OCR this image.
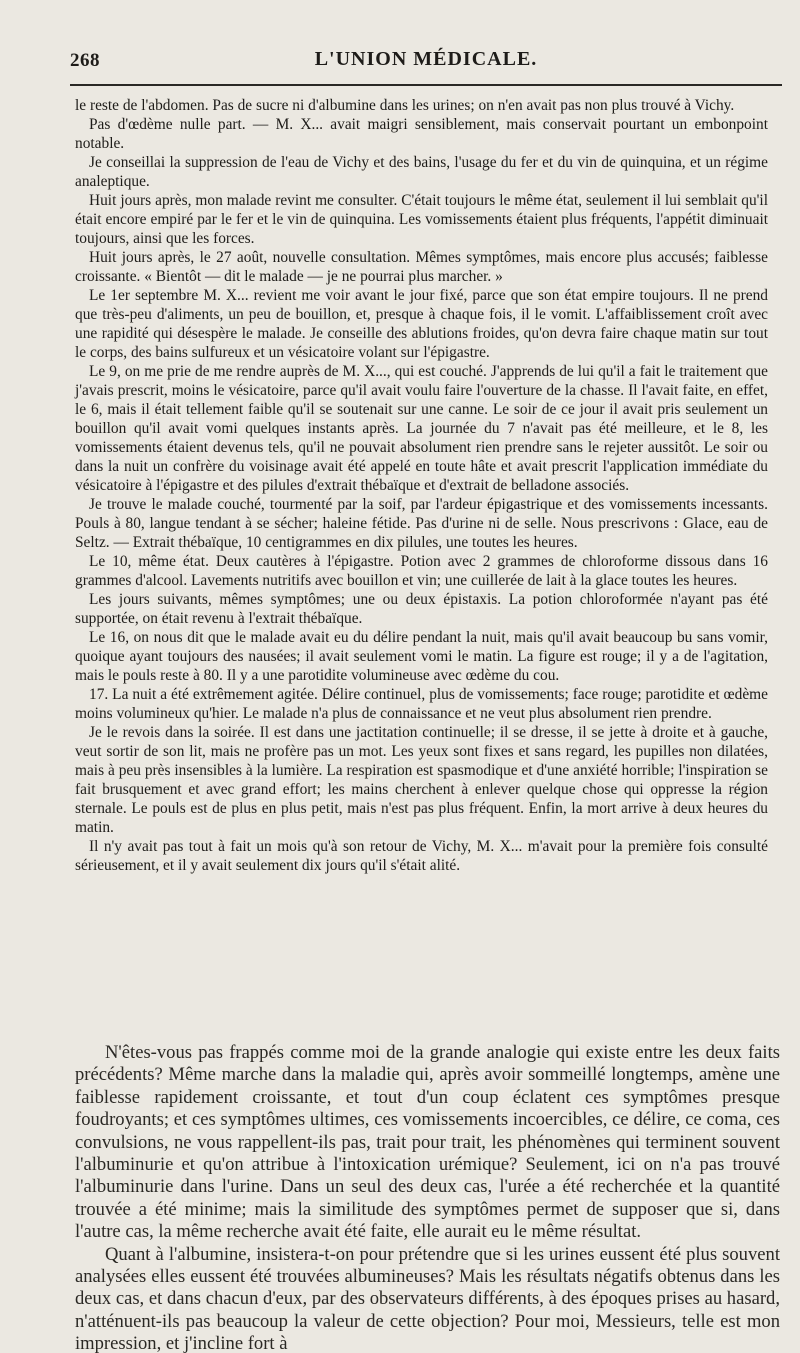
268	L'UNION MÉDICALE.

le reste de l'abdomen. Pas de sucre ni d'albumine dans les urines; on n'en avait pas non plus trouvé à Vichy.

Pas d'œdème nulle part. — M. X... avait maigri sensiblement, mais conservait pourtant un embonpoint notable.

Je conseillai la suppression de l'eau de Vichy et des bains, l'usage du fer et du vin de quinquina, et un régime analeptique.

Huit jours après, mon malade revint me consulter. C'était toujours le même état, seulement il lui semblait qu'il était encore empiré par le fer et le vin de quinquina. Les vomissements étaient plus fréquents, l'appétit diminuait toujours, ainsi que les forces.

Huit jours après, le 27 août, nouvelle consultation. Mêmes symptômes, mais encore plus accusés; faiblesse croissante. « Bientôt — dit le malade — je ne pourrai plus marcher. »

Le 1er septembre M. X... revient me voir avant le jour fixé, parce que son état empire toujours. Il ne prend que très-peu d'aliments, un peu de bouillon, et, presque à chaque fois, il le vomit. L'affaiblissement croît avec une rapidité qui désespère le malade. Je conseille des ablutions froides, qu'on devra faire chaque matin sur tout le corps, des bains sulfureux et un vésicatoire volant sur l'épigastre.

Le 9, on me prie de me rendre auprès de M. X..., qui est couché. J'apprends de lui qu'il a fait le traitement que j'avais prescrit, moins le vésicatoire, parce qu'il avait voulu faire l'ouverture de la chasse. Il l'avait faite, en effet, le 6, mais il était tellement faible qu'il se soutenait sur une canne. Le soir de ce jour il avait pris seulement un bouillon qu'il avait vomi quelques instants après. La journée du 7 n'avait pas été meilleure, et le 8, les vomissements étaient devenus tels, qu'il ne pouvait absolument rien prendre sans le rejeter aussitôt. Le soir ou dans la nuit un confrère du voisinage avait été appelé en toute hâte et avait prescrit l'application immédiate du vésicatoire à l'épigastre et des pilules d'extrait thébaïque et d'extrait de belladone associés.

Je trouve le malade couché, tourmenté par la soif, par l'ardeur épigastrique et des vomissements incessants. Pouls à 80, langue tendant à se sécher; haleine fétide. Pas d'urine ni de selle. Nous prescrivons : Glace, eau de Seltz. — Extrait thébaïque, 10 centigrammes en dix pilules, une toutes les heures.

Le 10, même état. Deux cautères à l'épigastre. Potion avec 2 grammes de chloroforme dissous dans 16 grammes d'alcool. Lavements nutritifs avec bouillon et vin; une cuillerée de lait à la glace toutes les heures.

Les jours suivants, mêmes symptômes; une ou deux épistaxis. La potion chloroformée n'ayant pas été supportée, on était revenu à l'extrait thébaïque.

Le 16, on nous dit que le malade avait eu du délire pendant la nuit, mais qu'il avait beaucoup bu sans vomir, quoique ayant toujours des nausées; il avait seulement vomi le matin. La figure est rouge; il y a de l'agitation, mais le pouls reste à 80. Il y a une parotidite volumineuse avec œdème du cou.

17. La nuit a été extrêmement agitée. Délire continuel, plus de vomissements; face rouge; parotidite et œdème moins volumineux qu'hier. Le malade n'a plus de connaissance et ne veut plus absolument rien prendre.

Je le revois dans la soirée. Il est dans une jactitation continuelle; il se dresse, il se jette à droite et à gauche, veut sortir de son lit, mais ne profère pas un mot. Les yeux sont fixes et sans regard, les pupilles non dilatées, mais à peu près insensibles à la lumière. La respiration est spasmodique et d'une anxiété horrible; l'inspiration se fait brusquement et avec grand effort; les mains cherchent à enlever quelque chose qui oppresse la région sternale. Le pouls est de plus en plus petit, mais n'est pas plus fréquent. Enfin, la mort arrive à deux heures du matin.

Il n'y avait pas tout à fait un mois qu'à son retour de Vichy, M. X... m'avait pour la première fois consulté sérieusement, et il y avait seulement dix jours qu'il s'était alité.

N'êtes-vous pas frappés comme moi de la grande analogie qui existe entre les deux faits précédents? Même marche dans la maladie qui, après avoir sommeillé longtemps, amène une faiblesse rapidement croissante, et tout d'un coup éclatent ces symptômes presque foudroyants; et ces symptômes ultimes, ces vomissements incoercibles, ce délire, ce coma, ces convulsions, ne vous rappellent-ils pas, trait pour trait, les phénomènes qui terminent souvent l'albuminurie et qu'on attribue à l'intoxication urémique? Seulement, ici on n'a pas trouvé l'albuminurie dans l'urine. Dans un seul des deux cas, l'urée a été recherchée et la quantité trouvée a été minime; mais la similitude des symptômes permet de supposer que si, dans l'autre cas, la même recherche avait été faite, elle aurait eu le même résultat.

Quant à l'albumine, insistera-t-on pour prétendre que si les urines eussent été plus souvent analysées elles eussent été trouvées albumineuses? Mais les résultats négatifs obtenus dans les deux cas, et dans chacun d'eux, par des observateurs différents, à des époques prises au hasard, n'atténuent-ils pas beaucoup la valeur de cette objection? Pour moi, Messieurs, telle est mon impression, et j'incline fort à
